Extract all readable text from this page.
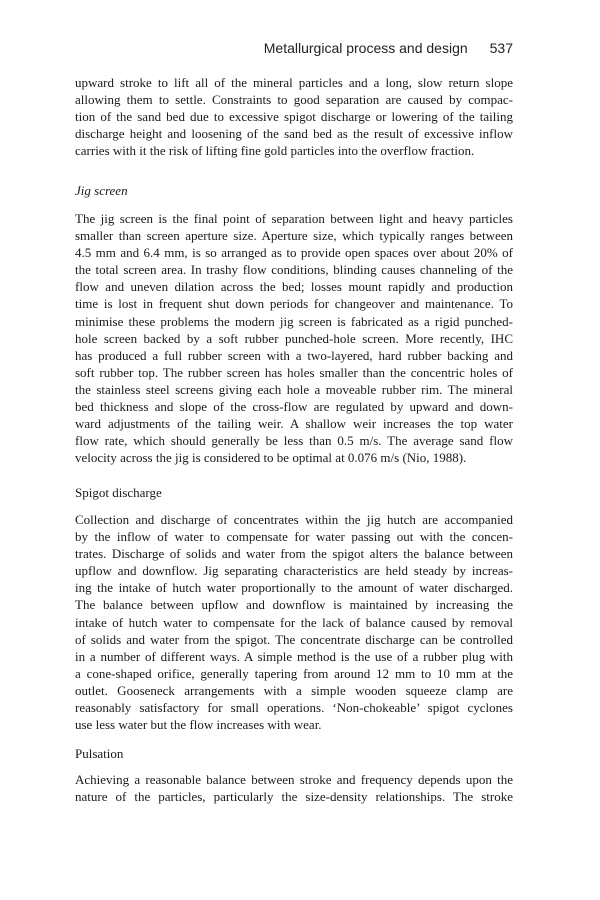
Metallurgical process and design 537
upward stroke to lift all of the mineral particles and a long, slow return slope
allowing them to settle. Constraints to good separation are caused by compac-
tion of the sand bed due to excessive spigot discharge or lowering of the tailing
discharge height and loosening of the sand bed as the result of excessive inflow
carries with it the risk of lifting fine gold particles into the overflow fraction.
Jig screen
The jig screen is the final point of separation between light and heavy particles
smaller than screen aperture size. Aperture size, which typically ranges between
4.5 mm and 6.4 mm, is so arranged as to provide open spaces over about 20% of
the total screen area. In trashy flow conditions, blinding causes channeling of the
flow and uneven dilation across the bed; losses mount rapidly and production
time is lost in frequent shut down periods for changeover and maintenance. To
minimise these problems the modern jig screen is fabricated as a rigid punched-
hole screen backed by a soft rubber punched-hole screen. More recently, IHC
has produced a full rubber screen with a two-layered, hard rubber backing and
soft rubber top. The rubber screen has holes smaller than the concentric holes of
the stainless steel screens giving each hole a moveable rubber rim. The mineral
bed thickness and slope of the cross-flow are regulated by upward and down-
ward adjustments of the tailing weir. A shallow weir increases the top water
flow rate, which should generally be less than 0.5 m/s. The average sand flow
velocity across the jig is considered to be optimal at 0.076 m/s (Nio, 1988).
Spigot discharge
Collection and discharge of concentrates within the jig hutch are accompanied
by the inflow of water to compensate for water passing out with the concen-
trates. Discharge of solids and water from the spigot alters the balance between
upflow and downflow. Jig separating characteristics are held steady by increas-
ing the intake of hutch water proportionally to the amount of water discharged.
The balance between upflow and downflow is maintained by increasing the
intake of hutch water to compensate for the lack of balance caused by removal
of solids and water from the spigot. The concentrate discharge can be controlled
in a number of different ways. A simple method is the use of a rubber plug with
a cone-shaped orifice, generally tapering from around 12 mm to 10 mm at the
outlet. Gooseneck arrangements with a simple wooden squeeze clamp are
reasonably satisfactory for small operations. ‘Non-chokeable’ spigot cyclones
use less water but the flow increases with wear.
Pulsation
Achieving a reasonable balance between stroke and frequency depends upon the
nature of the particles, particularly the size-density relationships. The stroke
